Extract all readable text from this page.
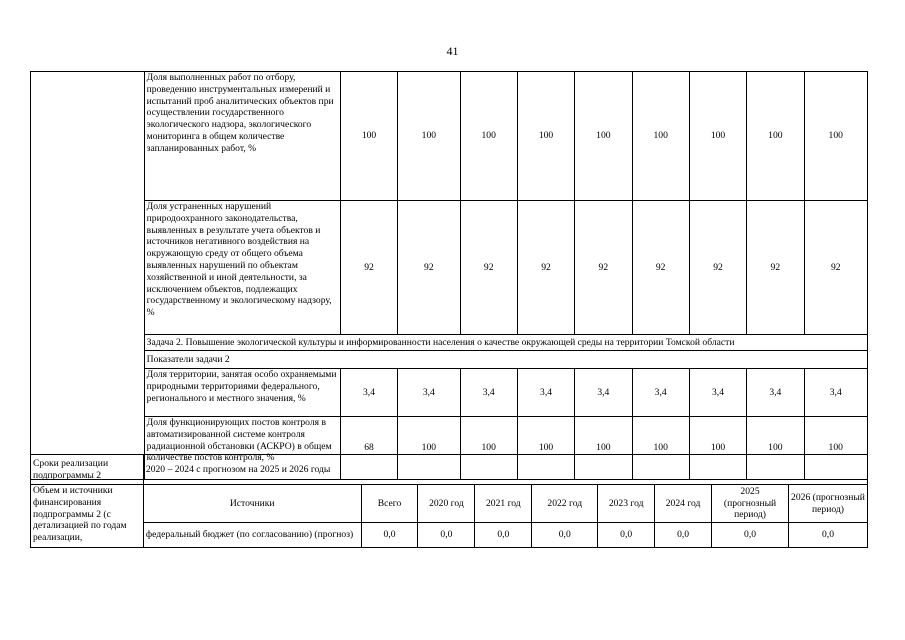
41
	Доля выполненных работ по отбору, проведению инструментальных измерений и испытаний проб аналитических объектов при осуществлении государственного экологического надзора, экологического мониторинга в общем количестве запланированных работ, %	100	100	100	100	100	100	100	100	100
	Доля устраненных нарушений природоохранного законодательства, выявленных в результате учета объектов и источников негативного воздействия на окружающую среду от общего объема выявленных нарушений по объектам хозяйственной и иной деятельности, за исключением объектов, подлежащих государственному и экологическому надзору, %	92	92	92	92	92	92	92	92	92
	Задача 2. Повышение экологической культуры и информированности населения о качестве окружающей среды на территории Томской области									
	Показатели задачи 2									
	Доля территории, занятая особо охраняемыми природными территориями федерального, регионального и местного значения, %	3,4	3,4	3,4	3,4	3,4	3,4	3,4	3,4	3,4
	Доля функционирующих постов контроля в автоматизированной системе контроля радиационной обстановки (АСКРО) в общем количестве постов контроля, %	68	100	100	100	100	100	100	100	100
Сроки реализации подпрограммы 2	2020 – 2024 с прогнозом на 2025 и 2026 годы								
Объем и источники финансирования подпрограммы 2 (с детализацией по годам реализации,	Источники	Всего	2020 год	2021 год	2022 год	2023 год	2024 год	2025 (прогнозный период)	2026 (прогнозный период)
	федеральный бюджет (по согласованию) (прогноз)	0,0	0,0	0,0	0,0	0,0	0,0	0,0	0,0
